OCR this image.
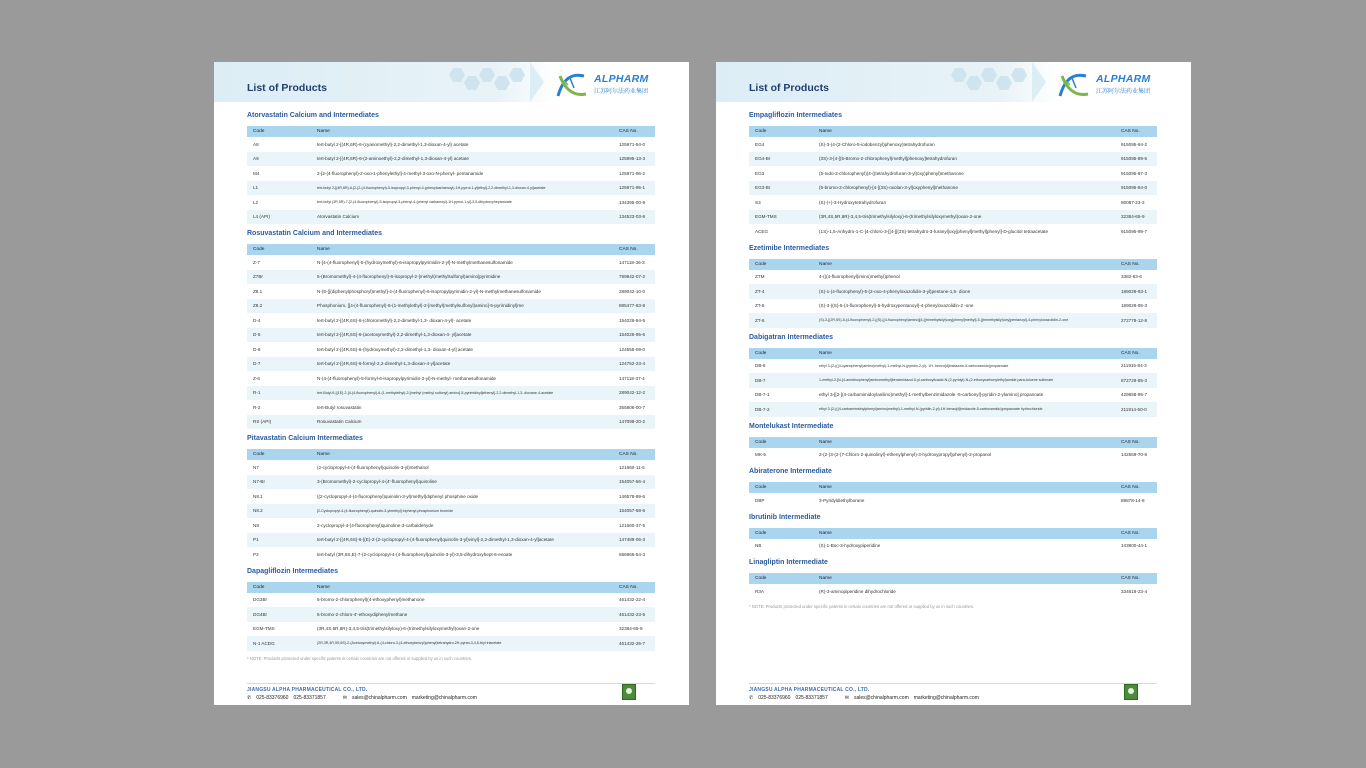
List of Products
ALPHARM
江苏阿尔法药业集团
Atorvastatin Calcium and Intermediates
Code	Name	CAS No.
A8	tert-butyl 2-[(4R,6R)-6-(cyanomethyl)-2,2-dimethyl-1,3-dioxan-4-yl) acetate	125971-94-0
A9	tert-butyl 2-[(4R,6R)-6-(2-aminoethyl)-2,2-dimethyl-1,3-dioxan-4-yl) acetate	125995-13-3
M4	2-[2-(4-fluorophenyl)-2-oxo-1-phenylethyl]-4-methyl-3-oxo-N-phenyl- pentanamide	125971-96-2
L1	tert-butyl 2-[(4R,6R)-6-[2-[2-(4-fluorophenyl)-5-isopropyl-3-phenyl-4-(phenylcarbamoyl)-1H-pyrrol-1-yl]ethyl]-2,2-dimethyl-1,3-dioxan-4-yl]acetate	125971-95-1
L2	tert-butyl (3R,5R)-7-[2-(4-fluorophenyl)-5-isopropyl-3-phenyl-4-(phenyl carbamoyl)-1H-pyrrol-1-yl]-3,5-dihydroxyheptanoate	134395-00-9
L4 (API)	Atorvastatin Calcium	134523-03-8
Rosuvastatin Calcium and Intermediates
Code	Name	CAS No.
Z-7	N-[4-(4-fluorophenyl)-5-(hydroxymethyl)-6-isopropylpyrimidin-2-yl]-N-methylmethanesulfonamide	147118-36-3
Z7Br	5-(Bromomethyl)-4-(4-fluorophenyl)-6-isopropyl-2-[methyl(methylsulfonyl)amino]pyrimidine	799842-07-2
Z8.1	N-(5-{[(diphenylphosphoryl)methyl]-4-(4-fluorophenyl)-6-isopropylpyrimidin-2-yl)-N-methylmethanesulfonamide	289042-10-0
Z8.2	Phosphonium, [[4-(4-fluorophenyl)-6-(1-methylethyl)-2-[methyl(methylsulfonyl)amino]-5-pyrimidinyl]me	885477-83-8
D-4	tert-butyl 2-[(4R,6S)-6-(chloromethyl)-2,2-dimethyl-1,3- dioxan-4-yl)- acetate	154026-94-5
D-5	tert-butyl 2-[(4R,6S)-6-(acetoxymethyl)-2,2-dimethyl-1,3-dioxan-4- yl]acetate	154026-95-6
D-6	tert-butyl 2-[(4R,6S)-6-(hydroxymethyl)-2,2-dimethyl-1,3- dioxan-4-yl] acetate	124655-09-0
D-7	tert-butyl 2-[(4R,6S)-6-formyl-2,2-dimethyl-1,3-dioxan-4-yl]acetate	124752-23-4
Z-6	N-(4-(4-fluorophenyl)-5-formyl-6-isopropylpyrimidin-2-yl)-N-methyl- methanesulfonamide	147118-37-4
R-1	tert-Butyl 6-[(1E)-2-[4-(4-fluorophenyl)-6-(1-methylethyl)-2-[methyl (methyl sulfonyl) amino]-5-pyrimidinyl]ethenyl]-2,2-dimethyl-1,3- dioxane-4-acetate	289042-12-2
R-2	tert-Butyl rosuvastatin	355806-00-7
RS (API)	Rosuvastatin Calcium	147098-20-2
Pitavastatin Calcium Intermediates
Code	Name	CAS No.
N7	(2-cyclopropyl-4-(4-fluorophenyl)quinolin-3-yl)methanol	121660-11-5
N7-Br	3-(Bromomethyl)-2-cyclopropyl-4-(4'-fluorophenyl)quinoline	154057-56-4
N8.1	((2-cyclopropyl-4-(4-fluorophenyl)quinolin-3-yl)methyl)diphenyl phosphine oxide	146578-99-6
N8.2	[2-Cyclopropyl-4-(4-fluorophenyl)-quinolin-3-ylmethyl] triphenyl-phosphonium bromide	154057-58-6
N8	2-cyclopropyl-4-(4-fluorophenyl)quinoline-3-carbaldehyde	121660-37-5
P1	tert-butyl 2-[(4R,6S)-6-[(E)-2-(2-cyclopropyl-4-(4-fluorophenyl)quinolin-3-yl)vinyl]-2,2-dimethyl-1,3-dioxan-4-yl]acetate	147489-06-3
P2	tert-butyl (3R,5S,E)-7-(2-cyclopropyl-4-(4-fluorophenyl)quinolin-3-yl)-3,5-dihydroxyhept-6-enoate	586966-54-3
Dapagliflozin Intermediates
Code	Name	CAS No.
DG3Br	5-bromo-2-chlorophenyl)(4-ethoxyphenyl)methanone	461432-22-4
DG4Br	5-bromo-2-chloro-4'-ethoxydiphenylmethane	461432-23-5
EGM-TMS	(3R,4S,5R,6R)-3,4,5-tris(trimethylsilyloxy)-6-(trimethylsilyloxymethyl)oxan-2-one	32384-65-9
N-1 ACDG	(2R,3R,4R,5S,6S)-2-(Acetoxymethyl)-6-(4-chloro-3-(4-ethoxybenzyl)phenyl)tetrahydro-2H-pyran-3,4,5-triyl triacetate	461432-25-7
* NOTE: Products protected under specific patents in certain countries are not offered or supplied by us in such countries.
JIANGSU ALPHA PHARMACEUTICAL CO., LTD.
✆ 025-83376960 025-83371857	✉ sales@chinalpharm.com marketing@chinalpharm.com
List of Products
ALPHARM
江苏阿尔法药业集团
Empagliflozin Intermediates
Code	Name	CAS No.
EG4	(S)-3-(4-(2-Chloro-5-iodobenzyl)phenoxy)tetrahydrofuran	915095-94-2
EG4-Br	(3S)-3-[4-[(5-Bromo-2-chlorophenyl)methyl]phenoxy]tetrahydrofuran	915095-89-5
EG3	(5-Iodo-2-chlorophenyl)(4-((tetrahydrofuran-3-yl)oxy)phenyl)methanone	915095-87-3
EG3-Br	(5-bromo-2-chlorophenyl)-[4-[(3S)-oxolan-3-yl]oxyphenyl]methanone	915095-84-0
S3	(S)-(+)-3-Hydroxytetrahydrofuran	86087-23-2
EGM-TMS	(3R,4S,5R,6R)-3,4,5-tris(trimethylsilyloxy)-6-(trimethylsilyloxymethyl)oxan-2-one	32384-65-9
ACEG	(1S)-1,5-Anhydro-1-C-[4-chloro-3-[[4-[[(3S)-tetrahydro-3-furanyl]oxy]phenyl]methyl]phenyl]-D-glucitol tetraacetate	915095-99-7
Ezetimibe Intermediates
Code	Name	CAS No.
ZTM	4-(((4-fluorophenyl)imino)methyl)phenol	3382-63-6
ZT-4	(S)-1-(4-fluorophenyl)-5-(2-oxo-4-phenyloxazolidin-3-yl)pentane-1,5- dione	189028-93-1
ZT-5	(S)-3-((S)-5-(4-fluorophenyl)-5-hydroxypentanoyl)-4-phenyloxazolidin-2 -one	189028-95-3
ZT-6	(S)-3-[(2R,5S)-5-(4-fluorophenyl)-2-[(S)-[(4-fluorophenyl)amino][4-[(trimethylsilyl)oxy]phenyl]methyl]-5-[(trimethylsilyl)oxy]pentanoyl]-4-phenyloxazolidin-2-one	272778-12-8
Dabigatran Intermediates
Code	Name	CAS No.
DB-6	ethyl 3-(2-(((4-cyanophenyl)amino)methyl)-1-methyl-N-(pyridin-2-yl)- 1H- benzo[d]imidazole-5-carboxamido)propanoate	211915-84-3
DB-7	1-methyl-2-[N-[4-amidinophenyl]aminomethyl]benzimidazol-5-yl-carboxylicacid-N-(2-pyridyl)-N-(2-ethoxycarbonylethyl)amide para-toluene sulfonate	872728-85-3
DB-7-1	ethyl 3-[[2-[(4-carbamimidoylanilino)methyl]-1-methylbenzimidazole -5-carbonyl]-pyridin-2-ylamino] propanoate	429658-95-7
DB-7-2	ethyl 3-(2-(((4-carbamimidoylphenyl)amino)methyl)-1-methyl-N-(pyridin-2-yl)-1H-benzo[d]imidazole-5-carboxamido)propanoate hydrochloride	211914-50-0
Montelukast Intermediate
Code	Name	CAS No.
MK-5	2-(2-(3-(2-(7-Chloro-2-quinolinyl)-ethenylphenyl)-3-hydroxypropyl)phenyl)-2-propanol	142569-70-8
Abiraterone Intermediate
Code	Name	CAS No.
DBP	3-Pyridyldiethylborane	89878-14-8
Ibrutinib Intermediate
Code	Name	CAS No.
NB	(S)-1-Boc-3-hydroxypiperidine	143900-44-1
Linagliptin Intermediate
Code	Name	CAS No.
R3A	(R)-3-aminopiperidine dihydrochloride	334618-23-4
* NOTE: Products protected under specific patents in certain countries are not offered or supplied by us in such countries.
JIANGSU ALPHA PHARMACEUTICAL CO., LTD.
✆ 025-83376960 025-83371857	✉ sales@chinalpharm.com marketing@chinalpharm.com
